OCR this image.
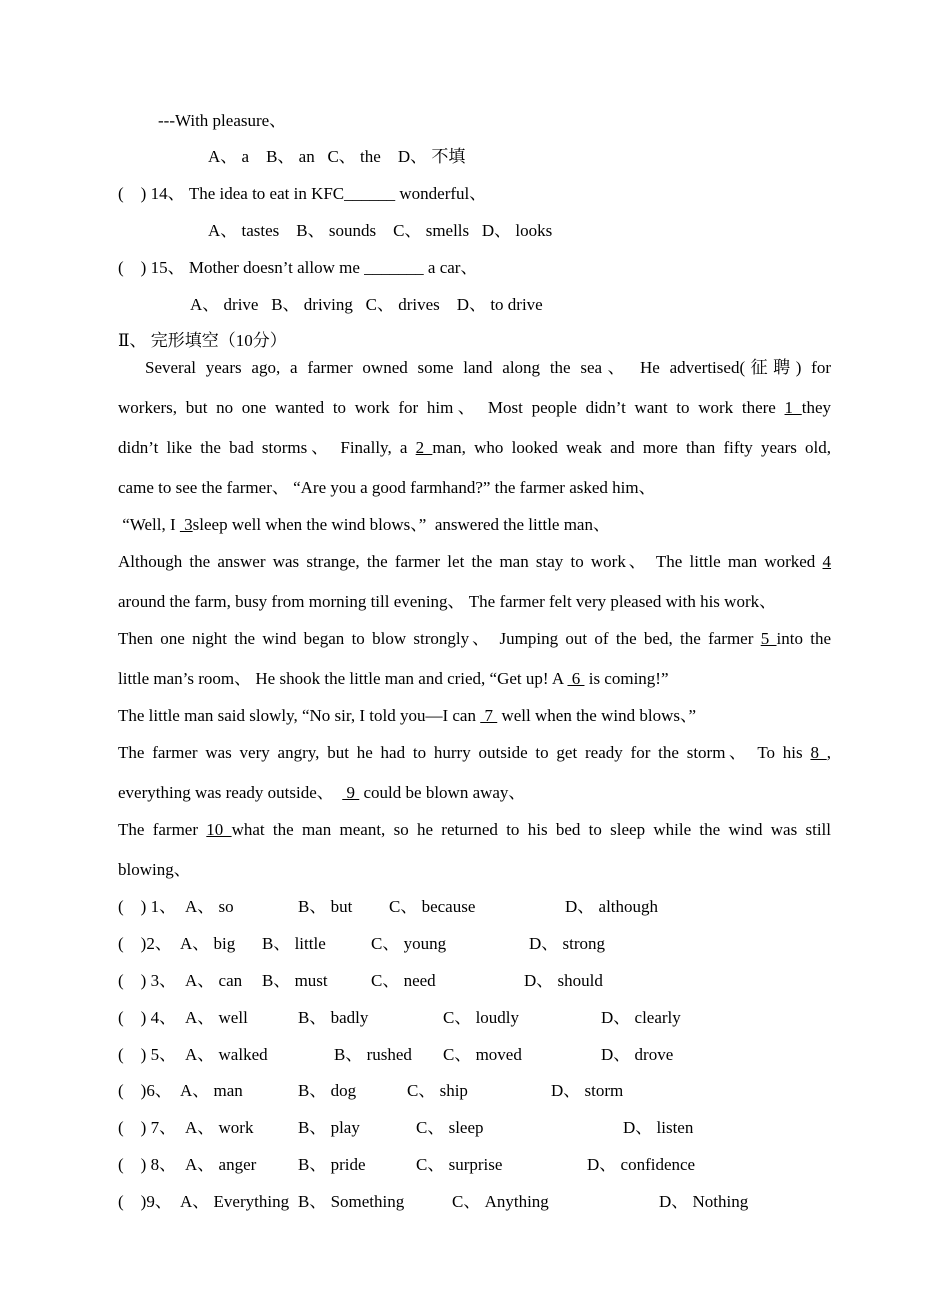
---With pleasure、
A、 a    B、 an   C、 the    D、 不填
(    ) 14、 The idea to eat in KFC______ wonderful、
A、 tastes    B、 sounds    C、 smells   D、 looks
(    ) 15、 Mother doesn’t allow me _______ a car、
A、 drive   B、 driving   C、 drives    D、 to drive
Ⅱ、 完形填空（10分）
Several years ago, a farmer owned some land along the sea、 He advertised(征聘) for
workers, but no one wanted to work for him、 Most people didn’t want to work there 1 they
didn’t like the bad storms、 Finally, a 2 man, who looked weak and more than fifty years old,
came to see the farmer、 “Are you a good farmhand?” the farmer asked him、
“Well, I  3sleep well when the wind blows、”  answered the little man、
Although the answer was strange, the farmer let the man stay to work、 The little man worked 4
around the farm, busy from morning till evening、 The farmer felt very pleased with his work、
Then one night the wind began to blow strongly、 Jumping out of the bed, the farmer 5 into the
little man’s room、 He shook the little man and cried, “Get up! A  6  is coming!”
The little man said slowly, “No sir, I told you—I can  7  well when the wind blows、”
The farmer was very angry, but he had to hurry outside to get ready for the storm、 To his 8 ,
everything was ready outside、   9  could be blown away、
The farmer 10 what the man meant, so he returned to his bed to sleep while the wind was still
blowing、
(    ) 1、 A、 so	B、 but C、 because	D、 although
(    )2、 A、 big B、 little	C、 young	D、 strong
(    ) 3、 A、 can B、 must	C、 need	D、 should
(    ) 4、 A、 well	B、 badly	C、 loudly	D、 clearly
(    ) 5、 A、 walked	B、 rushed C、 moved	D、 drove
(    )6、 A、 man	B、 dog	C、 ship	D、 storm
(    ) 7、 A、 work	B、 play	C、 sleep	D、 listen
(    ) 8、 A、 anger B、 pride	C、 surprise	D、 confidence
(    )9、 A、 Everything B、 Something	C、 Anything	D、 Nothing
